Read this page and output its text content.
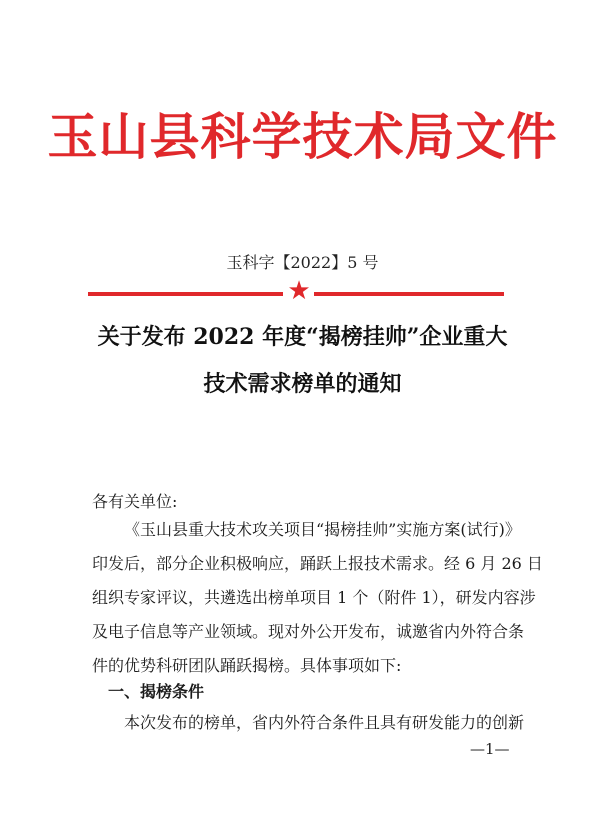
玉山县科学技术局文件
玉科字【2022】5 号
★
关于发布 2022 年度“揭榜挂帅”企业重大
技术需求榜单的通知
各有关单位:
《玉山县重大技术攻关项目“揭榜挂帅”实施方案(试行)》
印发后，部分企业积极响应，踊跃上报技术需求。经 6 月 26 日
组织专家评议，共遴选出榜单项目 1 个（附件 1），研发内容涉
及电子信息等产业领域。现对外公开发布，诚邀省内外符合条
件的优势科研团队踊跃揭榜。具体事项如下:
一、揭榜条件
本次发布的榜单，省内外符合条件且具有研发能力的创新
—1—
